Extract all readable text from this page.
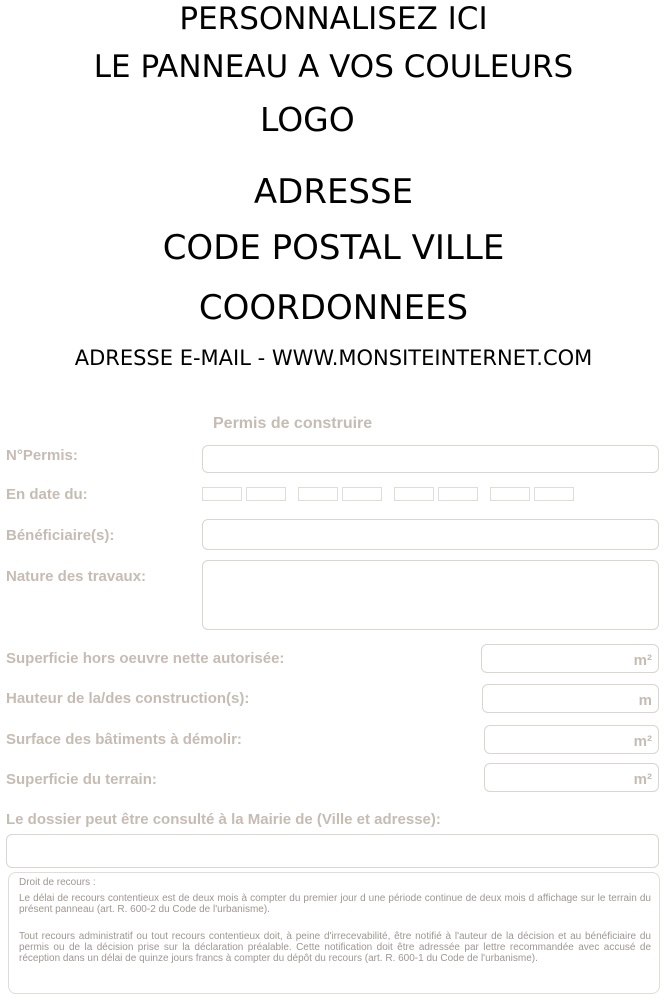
PERSONNALISEZ ICI
LE PANNEAU A VOS COULEURS
LOGO
ADRESSE
CODE POSTAL VILLE
COORDONNEES
ADRESSE E-MAIL - WWW.MONSITEINTERNET.COM
Permis de construire
N°Permis:
En date du:
Bénéficiaire(s):
Nature des travaux:
Superficie hors oeuvre nette autorisée:	m²
Hauteur de la/des construction(s):	m
Surface des bâtiments à démolir:	m²
Superficie du terrain:	m²
Le dossier peut être consulté à la Mairie de (Ville et adresse):

Droit de recours :

Le délai de recours contentieux est de deux mois à compter du premier jour d une période continue de deux mois d affichage sur le terrain du présent panneau (art. R. 600-2 du Code de l'urbanisme).

Tout recours administratif ou tout recours contentieux doit, à peine d'irrecevabilité, être notifié à l'auteur de la décision et au bénéficiaire du permis ou de la décision prise sur la déclaration préalable. Cette notification doit être adressée par lettre recommandée avec accusé de réception dans un délai de quinze jours francs à compter du dépôt du recours (art. R. 600-1 du Code de l'urbanisme).
